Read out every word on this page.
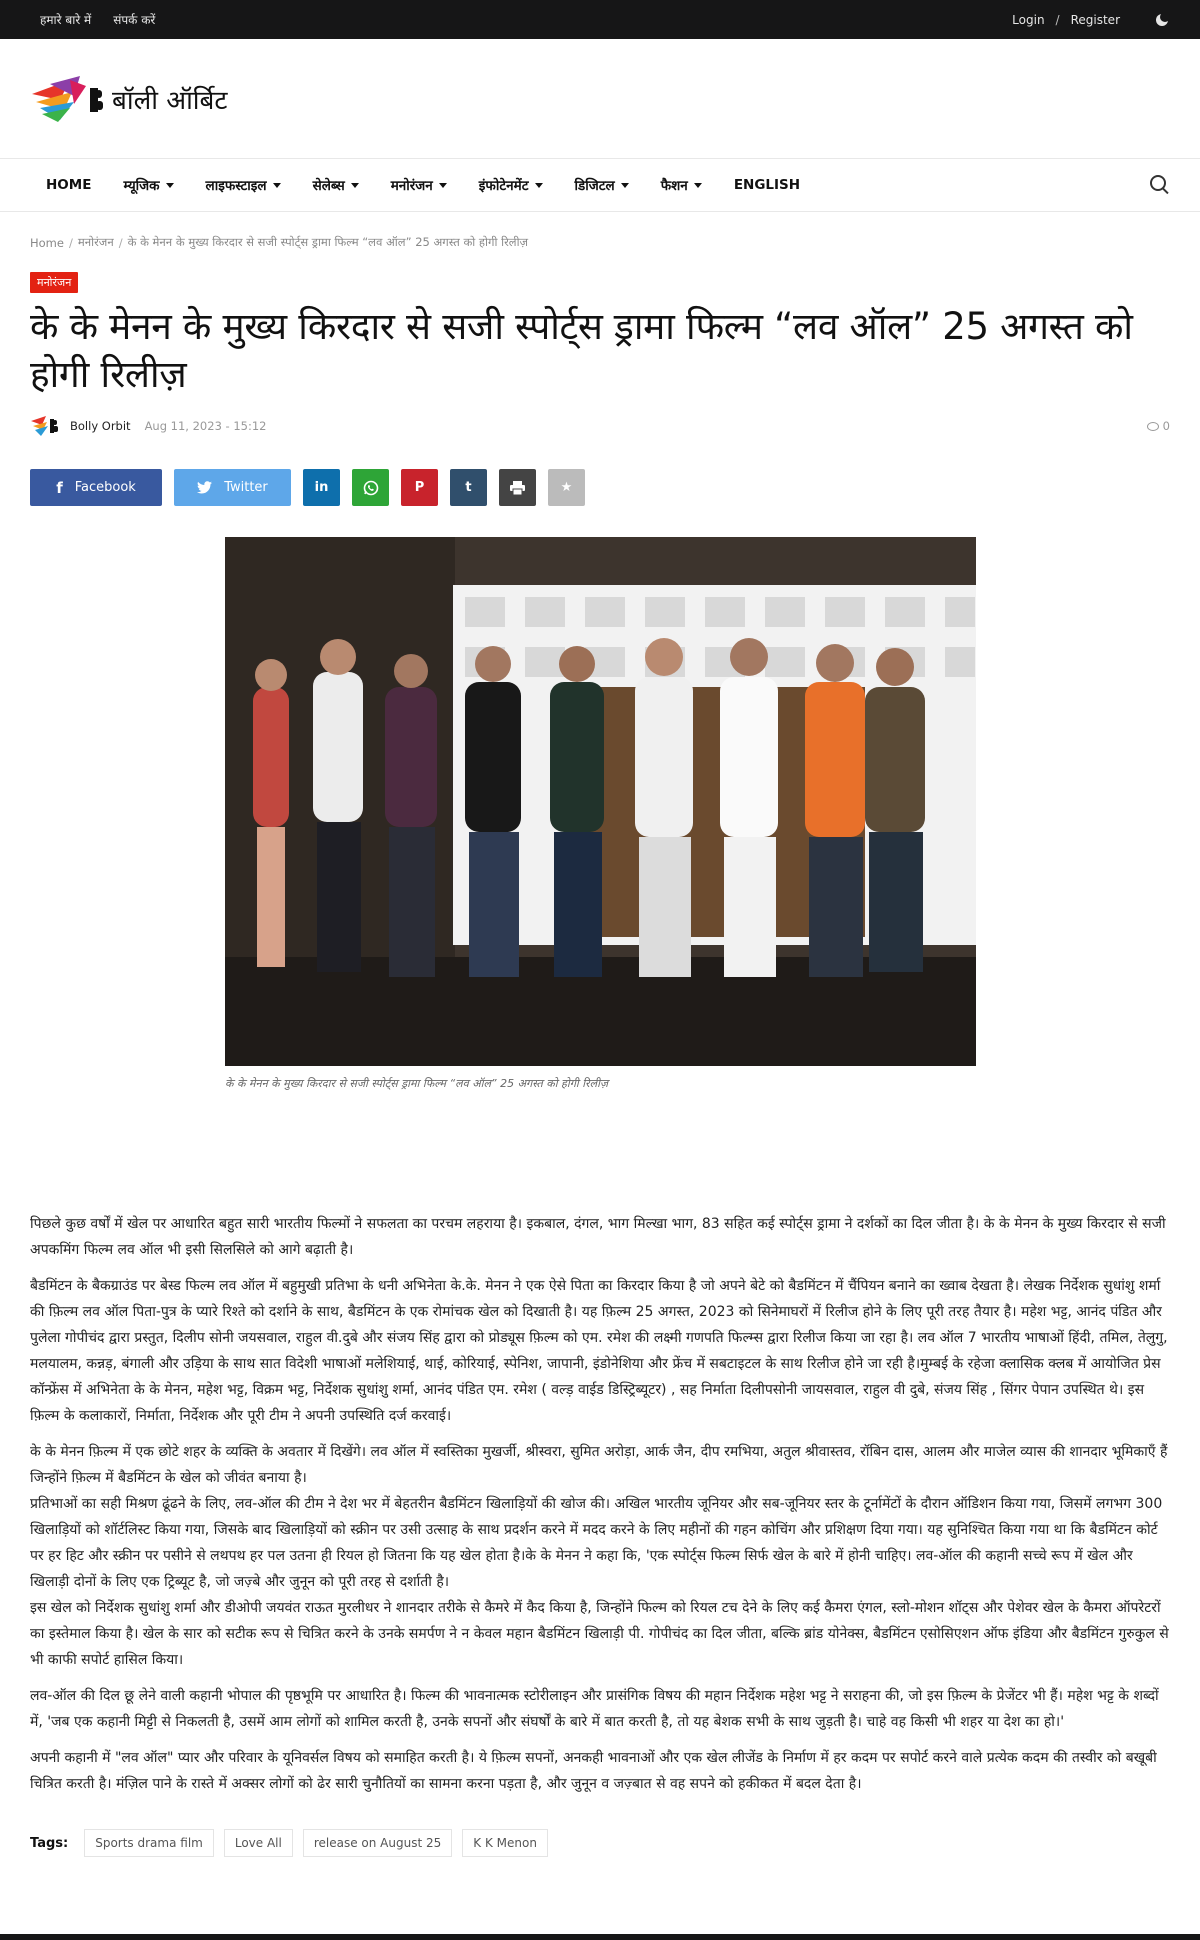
हमारे बारे में संपर्क करें	Login / Register
बॉली ऑर्बिट
HOME म्यूजिक	लाइफस्टाइल	सेलेब्स	मनोरंजन	इंफोटेनमेंट	डिजिटल	फैशन	ENGLISH
Home / मनोरंजन / के के मेनन के मुख्य किरदार से सजी स्पोर्ट्स ड्रामा फिल्म “लव ऑल” 25 अगस्त को होगी रिलीज़
मनोरंजन
के के मेनन के मुख्य किरदार से सजी स्पोर्ट्स ड्रामा फिल्म “लव ऑल” 25 अगस्त को होगी रिलीज़
Bolly Orbit Aug 11, 2023 - 15:12	0
f Facebook	Twitter	in	P	t	★
के के मेनन के मुख्य किरदार से सजी स्पोर्ट्स ड्रामा फिल्म “लव ऑल” 25 अगस्त को होगी रिलीज़

पिछले कुछ वर्षों में खेल पर आधारित बहुत सारी भारतीय फिल्मों ने सफलता का परचम लहराया है। इकबाल, दंगल, भाग मिल्खा भाग, 83 सहित कई स्पोर्ट्स ड्रामा ने दर्शकों का दिल जीता है। के के मेनन के मुख्य किरदार से सजी अपकमिंग फिल्म लव ऑल भी इसी सिलसिले को आगे बढ़ाती है।

बैडमिंटन के बैकग्राउंड पर बेस्ड फिल्म लव ऑल में बहुमुखी प्रतिभा के धनी अभिनेता के.के. मेनन ने एक ऐसे पिता का किरदार किया है जो अपने बेटे को बैडमिंटन में चैंपियन बनाने का ख्वाब देखता है। लेखक निर्देशक सुधांशु शर्मा की फ़िल्म लव ऑल पिता-पुत्र के प्यारे रिश्ते को दर्शाने के साथ, बैडमिंटन के एक रोमांचक खेल को दिखाती है। यह फ़िल्म 25 अगस्त, 2023 को सिनेमाघरों में रिलीज होने के लिए पूरी तरह तैयार है। महेश भट्ट, आनंद पंडित और पुलेला गोपीचंद द्वारा प्रस्तुत, दिलीप सोनी जयसवाल, राहुल वी.दुबे और संजय सिंह द्वारा को प्रोड्यूस फ़िल्म को एम. रमेश की लक्ष्मी गणपति फिल्म्स द्वारा रिलीज किया जा रहा है। लव ऑल 7 भारतीय भाषाओं हिंदी, तमिल, तेलुगु, मलयालम, कन्नड़, बंगाली और उड़िया के साथ सात विदेशी भाषाओं मलेशियाई, थाई, कोरियाई, स्पेनिश, जापानी, इंडोनेशिया और फ्रेंच में सबटाइटल के साथ रिलीज होने जा रही है।मुम्बई के रहेजा क्लासिक क्लब में आयोजित प्रेस कॉन्फ्रेंस में अभिनेता के के मेनन, महेश भट्ट, विक्रम भट्ट, निर्देशक सुधांशु शर्मा, आनंद पंडित एम. रमेश ( वल्ड़ वाईड डिस्ट्रिब्यूटर) , सह निर्माता दिलीपसोनी जायसवाल, राहुल वी दुबे, संजय सिंह , सिंगर पेपान उपस्थित थे। इस फ़िल्म के कलाकारों, निर्माता, निर्देशक और पूरी टीम ने अपनी उपस्थिति दर्ज करवाई।

के के मेनन फ़िल्म में एक छोटे शहर के व्यक्ति के अवतार में दिखेंगे। लव ऑल में स्वस्तिका मुखर्जी, श्रीस्वरा, सुमित अरोड़ा, आर्क जैन, दीप रमभिया, अतुल श्रीवास्तव, रॉबिन दास, आलम और माजेल व्यास की शानदार भूमिकाएँ हैं जिन्होंने फ़िल्म में बैडमिंटन के खेल को जीवंत बनाया है।

प्रतिभाओं का सही मिश्रण ढूंढने के लिए, लव-ऑल की टीम ने देश भर में बेहतरीन बैडमिंटन खिलाड़ियों की खोज की। अखिल भारतीय जूनियर और सब-जूनियर स्तर के टूर्नामेंटों के दौरान ऑडिशन किया गया, जिसमें लगभग 300 खिलाड़ियों को शॉर्टलिस्ट किया गया, जिसके बाद खिलाड़ियों को स्क्रीन पर उसी उत्साह के साथ प्रदर्शन करने में मदद करने के लिए महीनों की गहन कोचिंग और प्रशिक्षण दिया गया। यह सुनिश्चित किया गया था कि बैडमिंटन कोर्ट पर हर हिट और स्क्रीन पर पसीने से लथपथ हर पल उतना ही रियल हो जितना कि यह खेल होता है।के के मेनन ने कहा कि, 'एक स्पोर्ट्स फिल्म सिर्फ खेल के बारे में होनी चाहिए। लव-ऑल की कहानी सच्चे रूप में खेल और खिलाड़ी दोनों के लिए एक ट्रिब्यूट है, जो जज़्बे और जुनून को पूरी तरह से दर्शाती है।

इस खेल को निर्देशक सुधांशु शर्मा और डीओपी जयवंत राऊत मुरलीधर ने शानदार तरीके से कैमरे में कैद किया है, जिन्होंने फिल्म को रियल टच देने के लिए कई कैमरा एंगल, स्लो-मोशन शॉट्स और पेशेवर खेल के कैमरा ऑपरेटरों का इस्तेमाल किया है। खेल के सार को सटीक रूप से चित्रित करने के उनके समर्पण ने न केवल महान बैडमिंटन खिलाड़ी पी. गोपीचंद का दिल जीता, बल्कि ब्रांड योनेक्स, बैडमिंटन एसोसिएशन ऑफ इंडिया और बैडमिंटन गुरुकुल से भी काफी सपोर्ट हासिल किया।

लव-ऑल की दिल छू लेने वाली कहानी भोपाल की पृष्ठभूमि पर आधारित है। फिल्म की भावनात्मक स्टोरीलाइन और प्रासंगिक विषय की महान निर्देशक महेश भट्ट ने सराहना की, जो इस फ़िल्म के प्रेजेंटर भी हैं। महेश भट्ट के शब्दों में, 'जब एक कहानी मिट्टी से निकलती है, उसमें आम लोगों को शामिल करती है, उनके सपनों और संघर्षों के बारे में बात करती है, तो यह बेशक सभी के साथ जुड़ती है। चाहे वह किसी भी शहर या देश का हो।'

अपनी कहानी में "लव ऑल" प्यार और परिवार के यूनिवर्सल विषय को समाहित करती है। ये फ़िल्म सपनों, अनकही भावनाओं और एक खेल लीजेंड के निर्माण में हर कदम पर सपोर्ट करने वाले प्रत्येक कदम की तस्वीर को बखूबी चित्रित करती है। मंज़िल पाने के रास्ते में अक्सर लोगों को ढेर सारी चुनौतियों का सामना करना पड़ता है, और जुनून व जज़्बात से वह सपने को हकीकत में बदल देता है।

Tags:	Sports drama film	Love All	release on August 25	K K Menon
